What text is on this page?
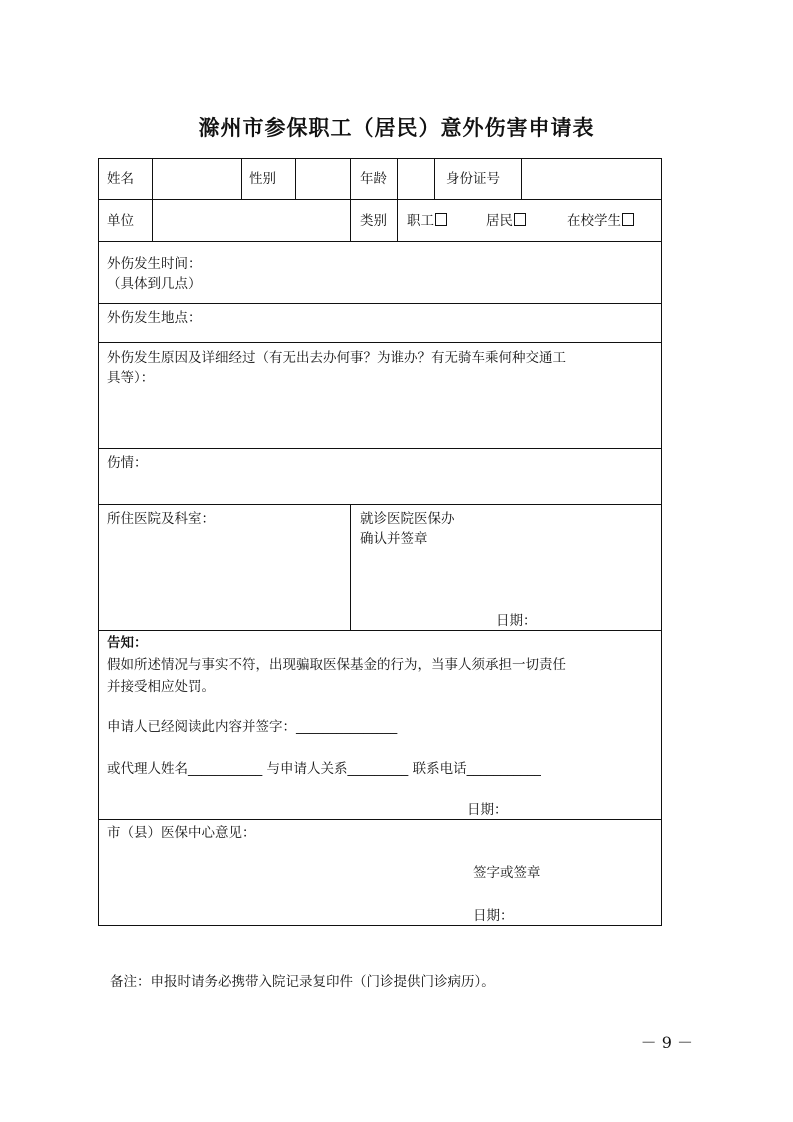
滁州市参保职工（居民）意外伤害申请表
姓名	性别	年龄	身份证号
单位	类别 职工	居民	在校学生
外伤发生时间：
（具体到几点）
外伤发生地点：
外伤发生原因及详细经过（有无出去办何事？为谁办？有无骑车乘何种交通工
具等）：
伤情：
所住医院及科室：	就诊医院医保办
确认并签章
日期：
告知：
假如所述情况与事实不符，出现骗取医保基金的行为，当事人须承担一切责任
并接受相应处罚。
申请人已经阅读此内容并签字：_______________
或代理人姓名___________ 与申请人关系_________ 联系电话___________
日期：
市（县）医保中心意见：
签字或签章
日期：
备注：申报时请务必携带入院记录复印件（门诊提供门诊病历）。
－ 9 －
